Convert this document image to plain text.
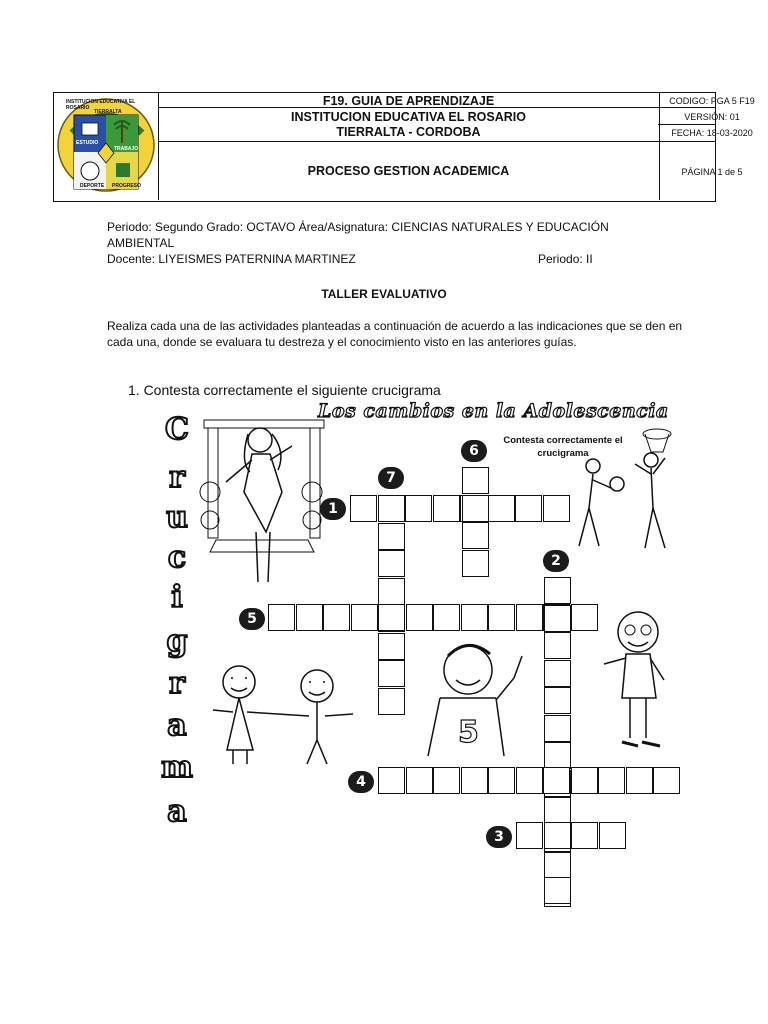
INSTITUCION EDUCATIVA EL ROSARIO
TIERRALTA
ESTUDIO
TRABAJO
DEPORTE PROGRESO
F19. GUIA DE APRENDIZAJE
INSTITUCION EDUCATIVA EL ROSARIO
TIERRALTA - CORDOBA
PROCESO GESTION ACADEMICA
CODIGO: PGA 5 F19
VERSIÓN: 01
FECHA: 18-03-2020
PÁGINA 1 de 5
Periodo: Segundo Grado: OCTAVO Área/Asignatura: CIENCIAS NATURALES Y EDUCACIÓN
AMBIENTAL
Docente: LIYEISMES PATERNINA MARTINEZ	Periodo: II
TALLER EVALUATIVO
Realiza cada una de las actividades planteadas a continuación de acuerdo a las indicaciones que se den en
cada una, donde se evaluara tu destreza y el conocimiento visto en las anteriores guías.
1. Contesta correctamente el siguiente crucigrama
Los cambios en la Adolescencia
Contesta correctamente el
crucigrama
C
r
u
c
i
g
r
a
m
a
5
1
6
7
5
2
4
3
